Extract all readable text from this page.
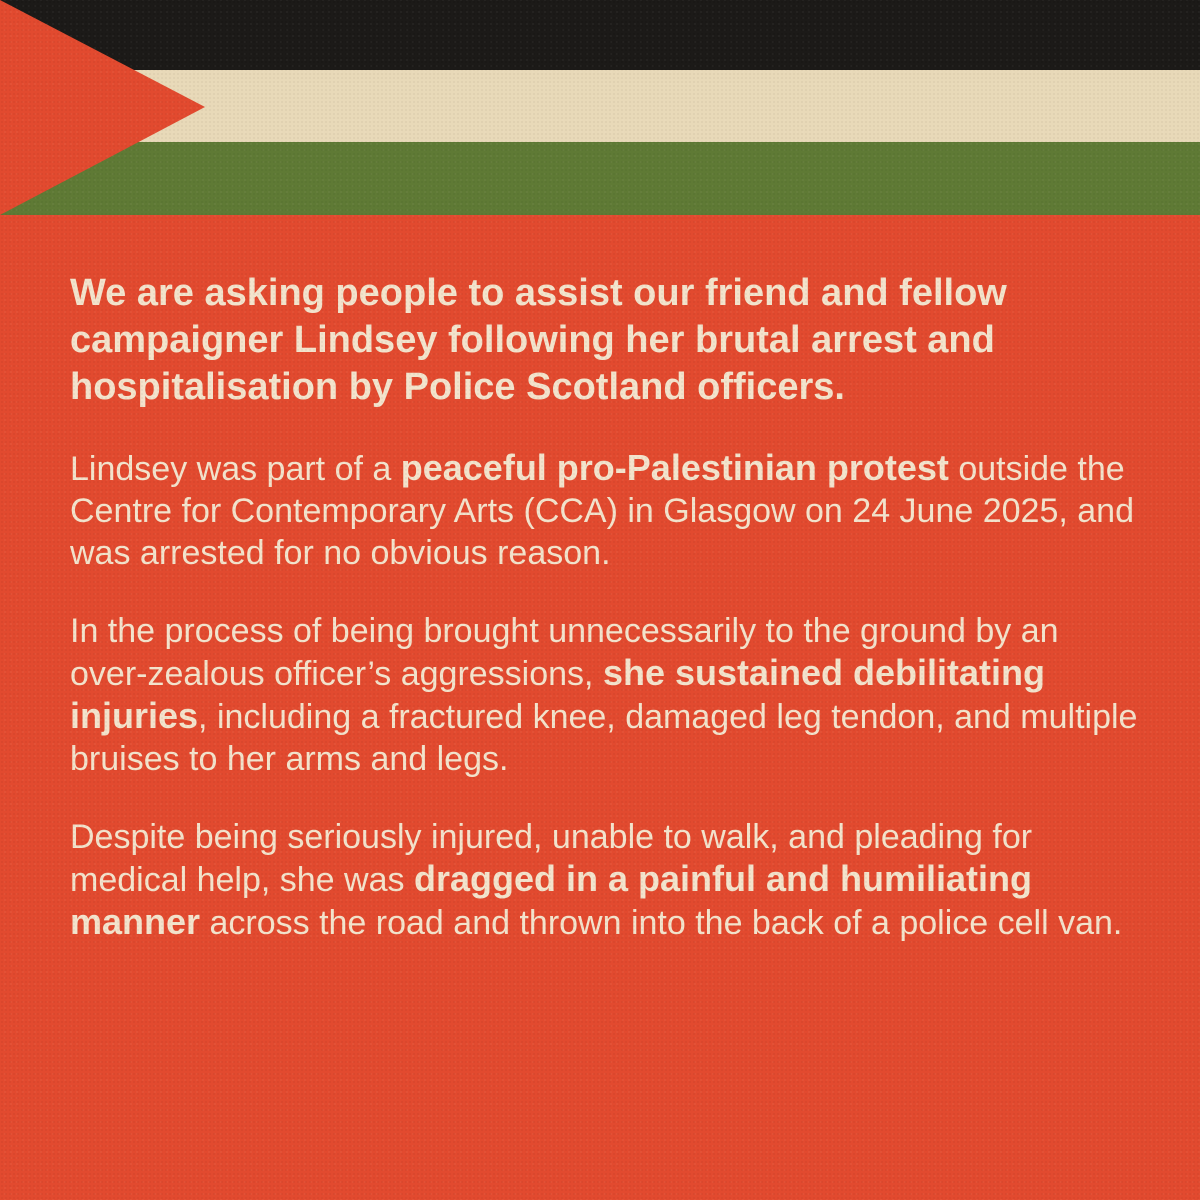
We are asking people to assist our friend and fellow campaigner Lindsey following her brutal arrest and hospitalisation by Police Scotland officers.

Lindsey was part of a peaceful pro-Palestinian protest outside the Centre for Contemporary Arts (CCA) in Glasgow on 24 June 2025, and was arrested for no obvious reason.

In the process of being brought unnecessarily to the ground by an over-zealous officer’s aggressions, she sustained debilitating injuries, including a fractured knee, damaged leg tendon, and multiple bruises to her arms and legs.

Despite being seriously injured, unable to walk, and pleading for medical help, she was dragged in a painful and humiliating manner across the road and thrown into the back of a police cell van.
